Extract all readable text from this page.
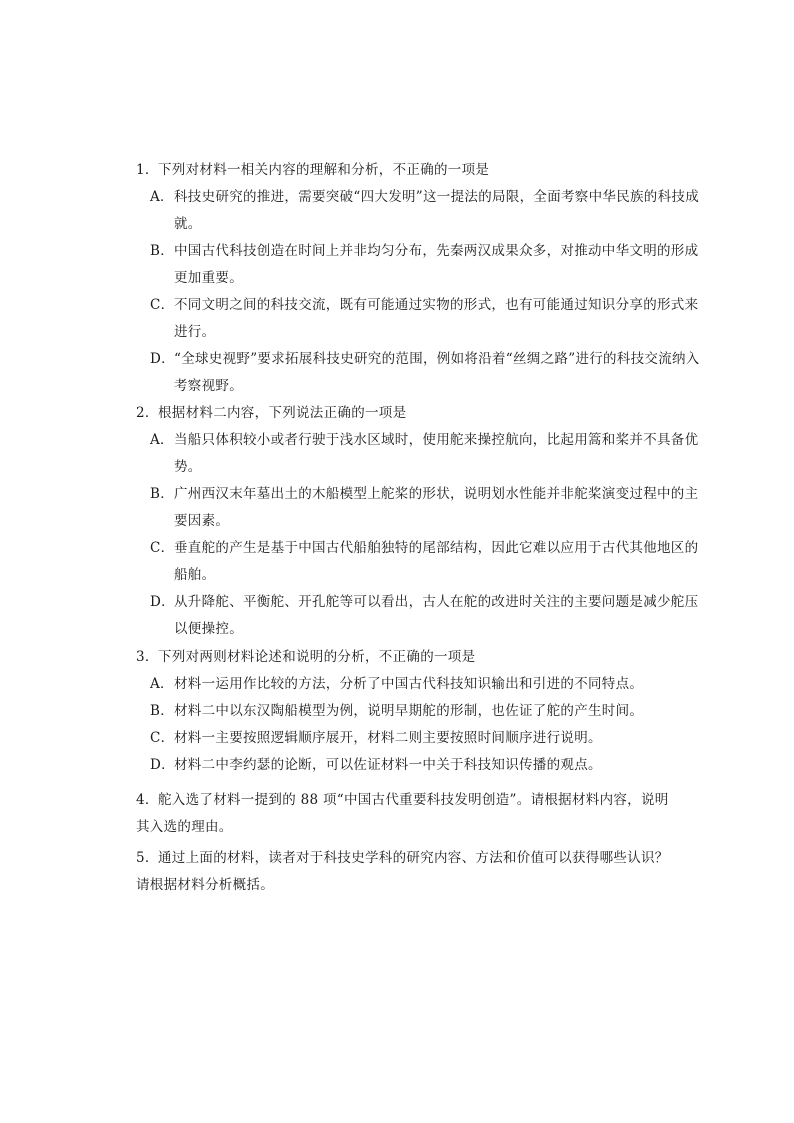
1．下列对材料一相关内容的理解和分析，不正确的一项是
A．科技史研究的推进，需要突破“四大发明”这一提法的局限，全面考察中华民族的科技成就。
B．中国古代科技创造在时间上并非均匀分布，先秦两汉成果众多，对推动中华文明的形成更加重要。
C．不同文明之间的科技交流，既有可能通过实物的形式，也有可能通过知识分享的形式来进行。
D．“全球史视野”要求拓展科技史研究的范围，例如将沿着“丝绸之路”进行的科技交流纳入考察视野。
2．根据材料二内容，下列说法正确的一项是
A．当船只体积较小或者行驶于浅水区域时，使用舵来操控航向，比起用篙和桨并不具备优势。
B．广州西汉末年墓出土的木船模型上舵桨的形状，说明划水性能并非舵桨演变过程中的主要因素。
C．垂直舵的产生是基于中国古代船舶独特的尾部结构，因此它难以应用于古代其他地区的船舶。
D．从升降舵、平衡舵、开孔舵等可以看出，古人在舵的改进时关注的主要问题是减少舵压以便操控。
3．下列对两则材料论述和说明的分析，不正确的一项是
A．材料一运用作比较的方法，分析了中国古代科技知识输出和引进的不同特点。
B．材料二中以东汉陶船模型为例，说明早期舵的形制，也佐证了舵的产生时间。
C．材料一主要按照逻辑顺序展开，材料二则主要按照时间顺序进行说明。
D．材料二中李约瑟的论断，可以佐证材料一中关于科技知识传播的观点。
4．舵入选了材料一提到的 88 项“中国古代重要科技发明创造”。请根据材料内容，说明其入选的理由。
5．通过上面的材料，读者对于科技史学科的研究内容、方法和价值可以获得哪些认识？请根据材料分析概括。
